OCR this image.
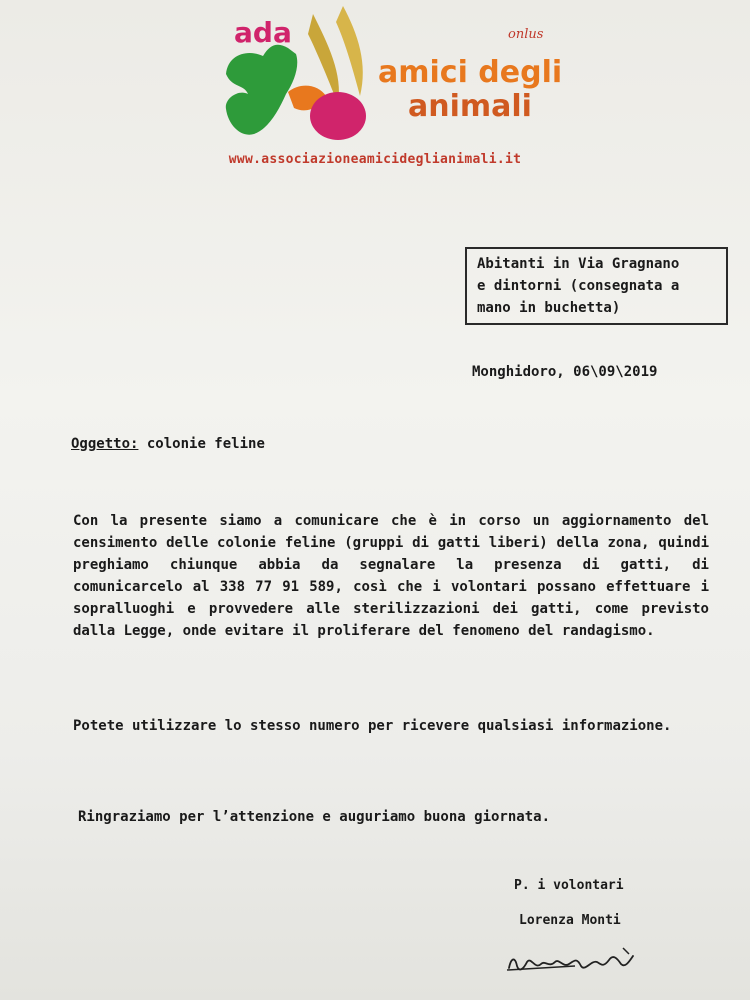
ada	onlus
amici degli
animali
www.associazioneamicideglianimali.it
Abitanti in Via Gragnano
e dintorni (consegnata a
mano in buchetta)
Monghidoro, 06\09\2019
Oggetto: colonie feline
Con la presente siamo a comunicare che è in corso un aggiornamento del censimento delle colonie feline (gruppi di gatti liberi) della zona, quindi preghiamo chiunque abbia da segnalare la presenza di gatti, di comunicarcelo al 338 77 91 589, così che i volontari possano effettuare i sopralluoghi e provvedere alle sterilizzazioni dei gatti, come previsto dalla Legge, onde evitare il proliferare del fenomeno del randagismo.
Potete utilizzare lo stesso numero per ricevere qualsiasi informazione.
Ringraziamo per l’attenzione e auguriamo buona giornata.
P. i volontari
Lorenza Monti
